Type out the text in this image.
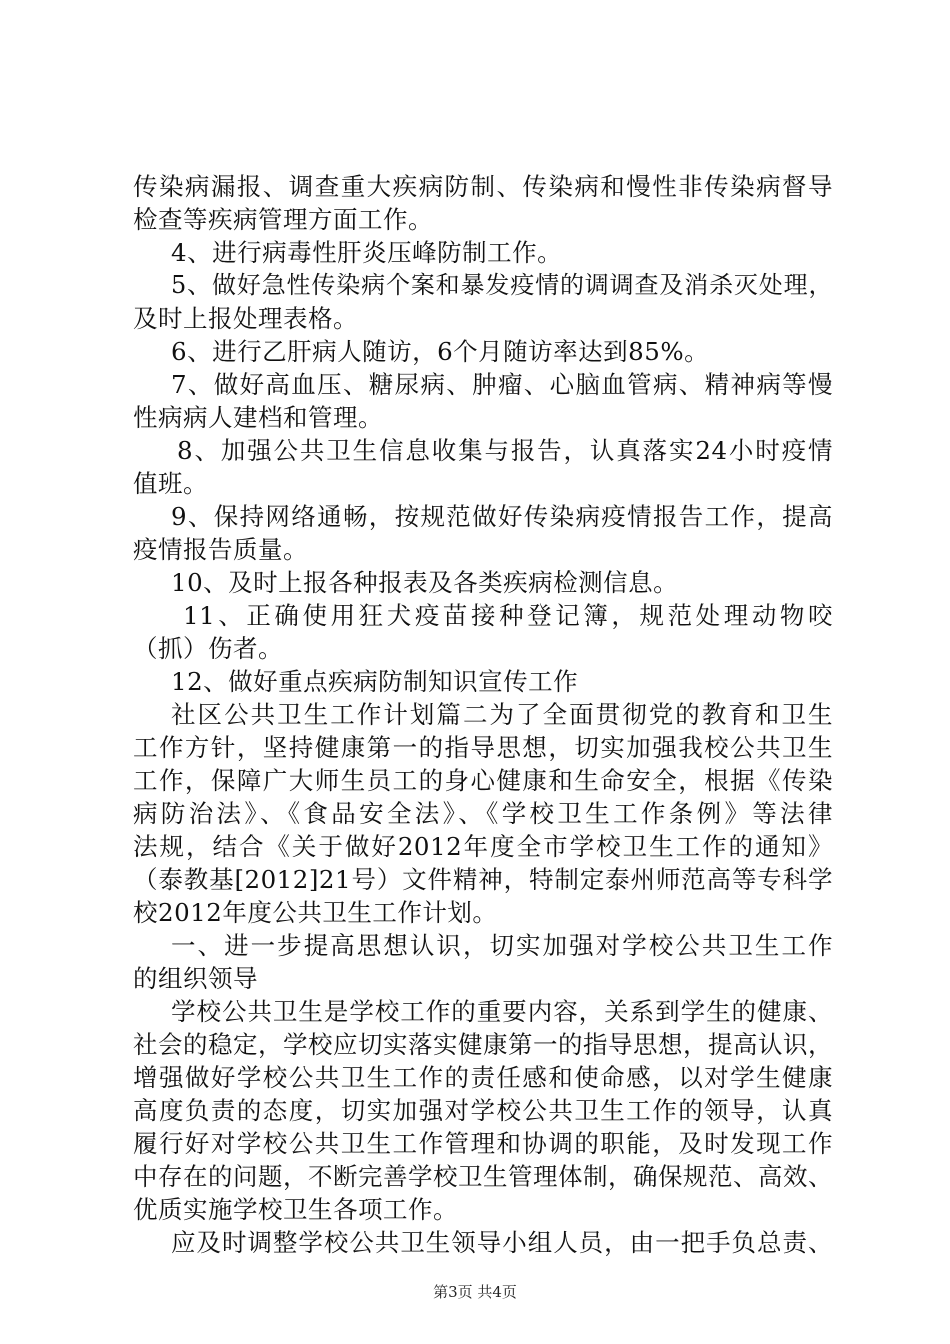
传染病漏报、调查重大疾病防制、传染病和慢性非传染病督导
检查等疾病管理方面工作。
4、进行病毒性肝炎压峰防制工作。
5、做好急性传染病个案和暴发疫情的调调查及消杀灭处理，
及时上报处理表格。
6、进行乙肝病人随访，6个月随访率达到85%。
7、做好高血压、糖尿病、肿瘤、心脑血管病、精神病等慢
性病病人建档和管理。
8、加强公共卫生信息收集与报告，认真落实24小时疫情
值班。
9、保持网络通畅，按规范做好传染病疫情报告工作，提高
疫情报告质量。
10、及时上报各种报表及各类疾病检测信息。
11、正确使用狂犬疫苗接种登记簿，规范处理动物咬
（抓）伤者。
12、做好重点疾病防制知识宣传工作
社区公共卫生工作计划篇二为了全面贯彻党的教育和卫生
工作方针，坚持健康第一的指导思想，切实加强我校公共卫生
工作，保障广大师生员工的身心健康和生命安全，根据《传染
病防治法》、《食品安全法》、《学校卫生工作条例》等法律
法规，结合《关于做好2012年度全市学校卫生工作的通知》
（泰教基[2012]21号）文件精神，特制定泰州师范高等专科学
校2012年度公共卫生工作计划。
一、进一步提高思想认识，切实加强对学校公共卫生工作
的组织领导
学校公共卫生是学校工作的重要内容，关系到学生的健康、
社会的稳定，学校应切实落实健康第一的指导思想，提高认识，
增强做好学校公共卫生工作的责任感和使命感，以对学生健康
高度负责的态度，切实加强对学校公共卫生工作的领导，认真
履行好对学校公共卫生工作管理和协调的职能，及时发现工作
中存在的问题，不断完善学校卫生管理体制，确保规范、高效、
优质实施学校卫生各项工作。
应及时调整学校公共卫生领导小组人员，由一把手负总责、
第3页 共4页
